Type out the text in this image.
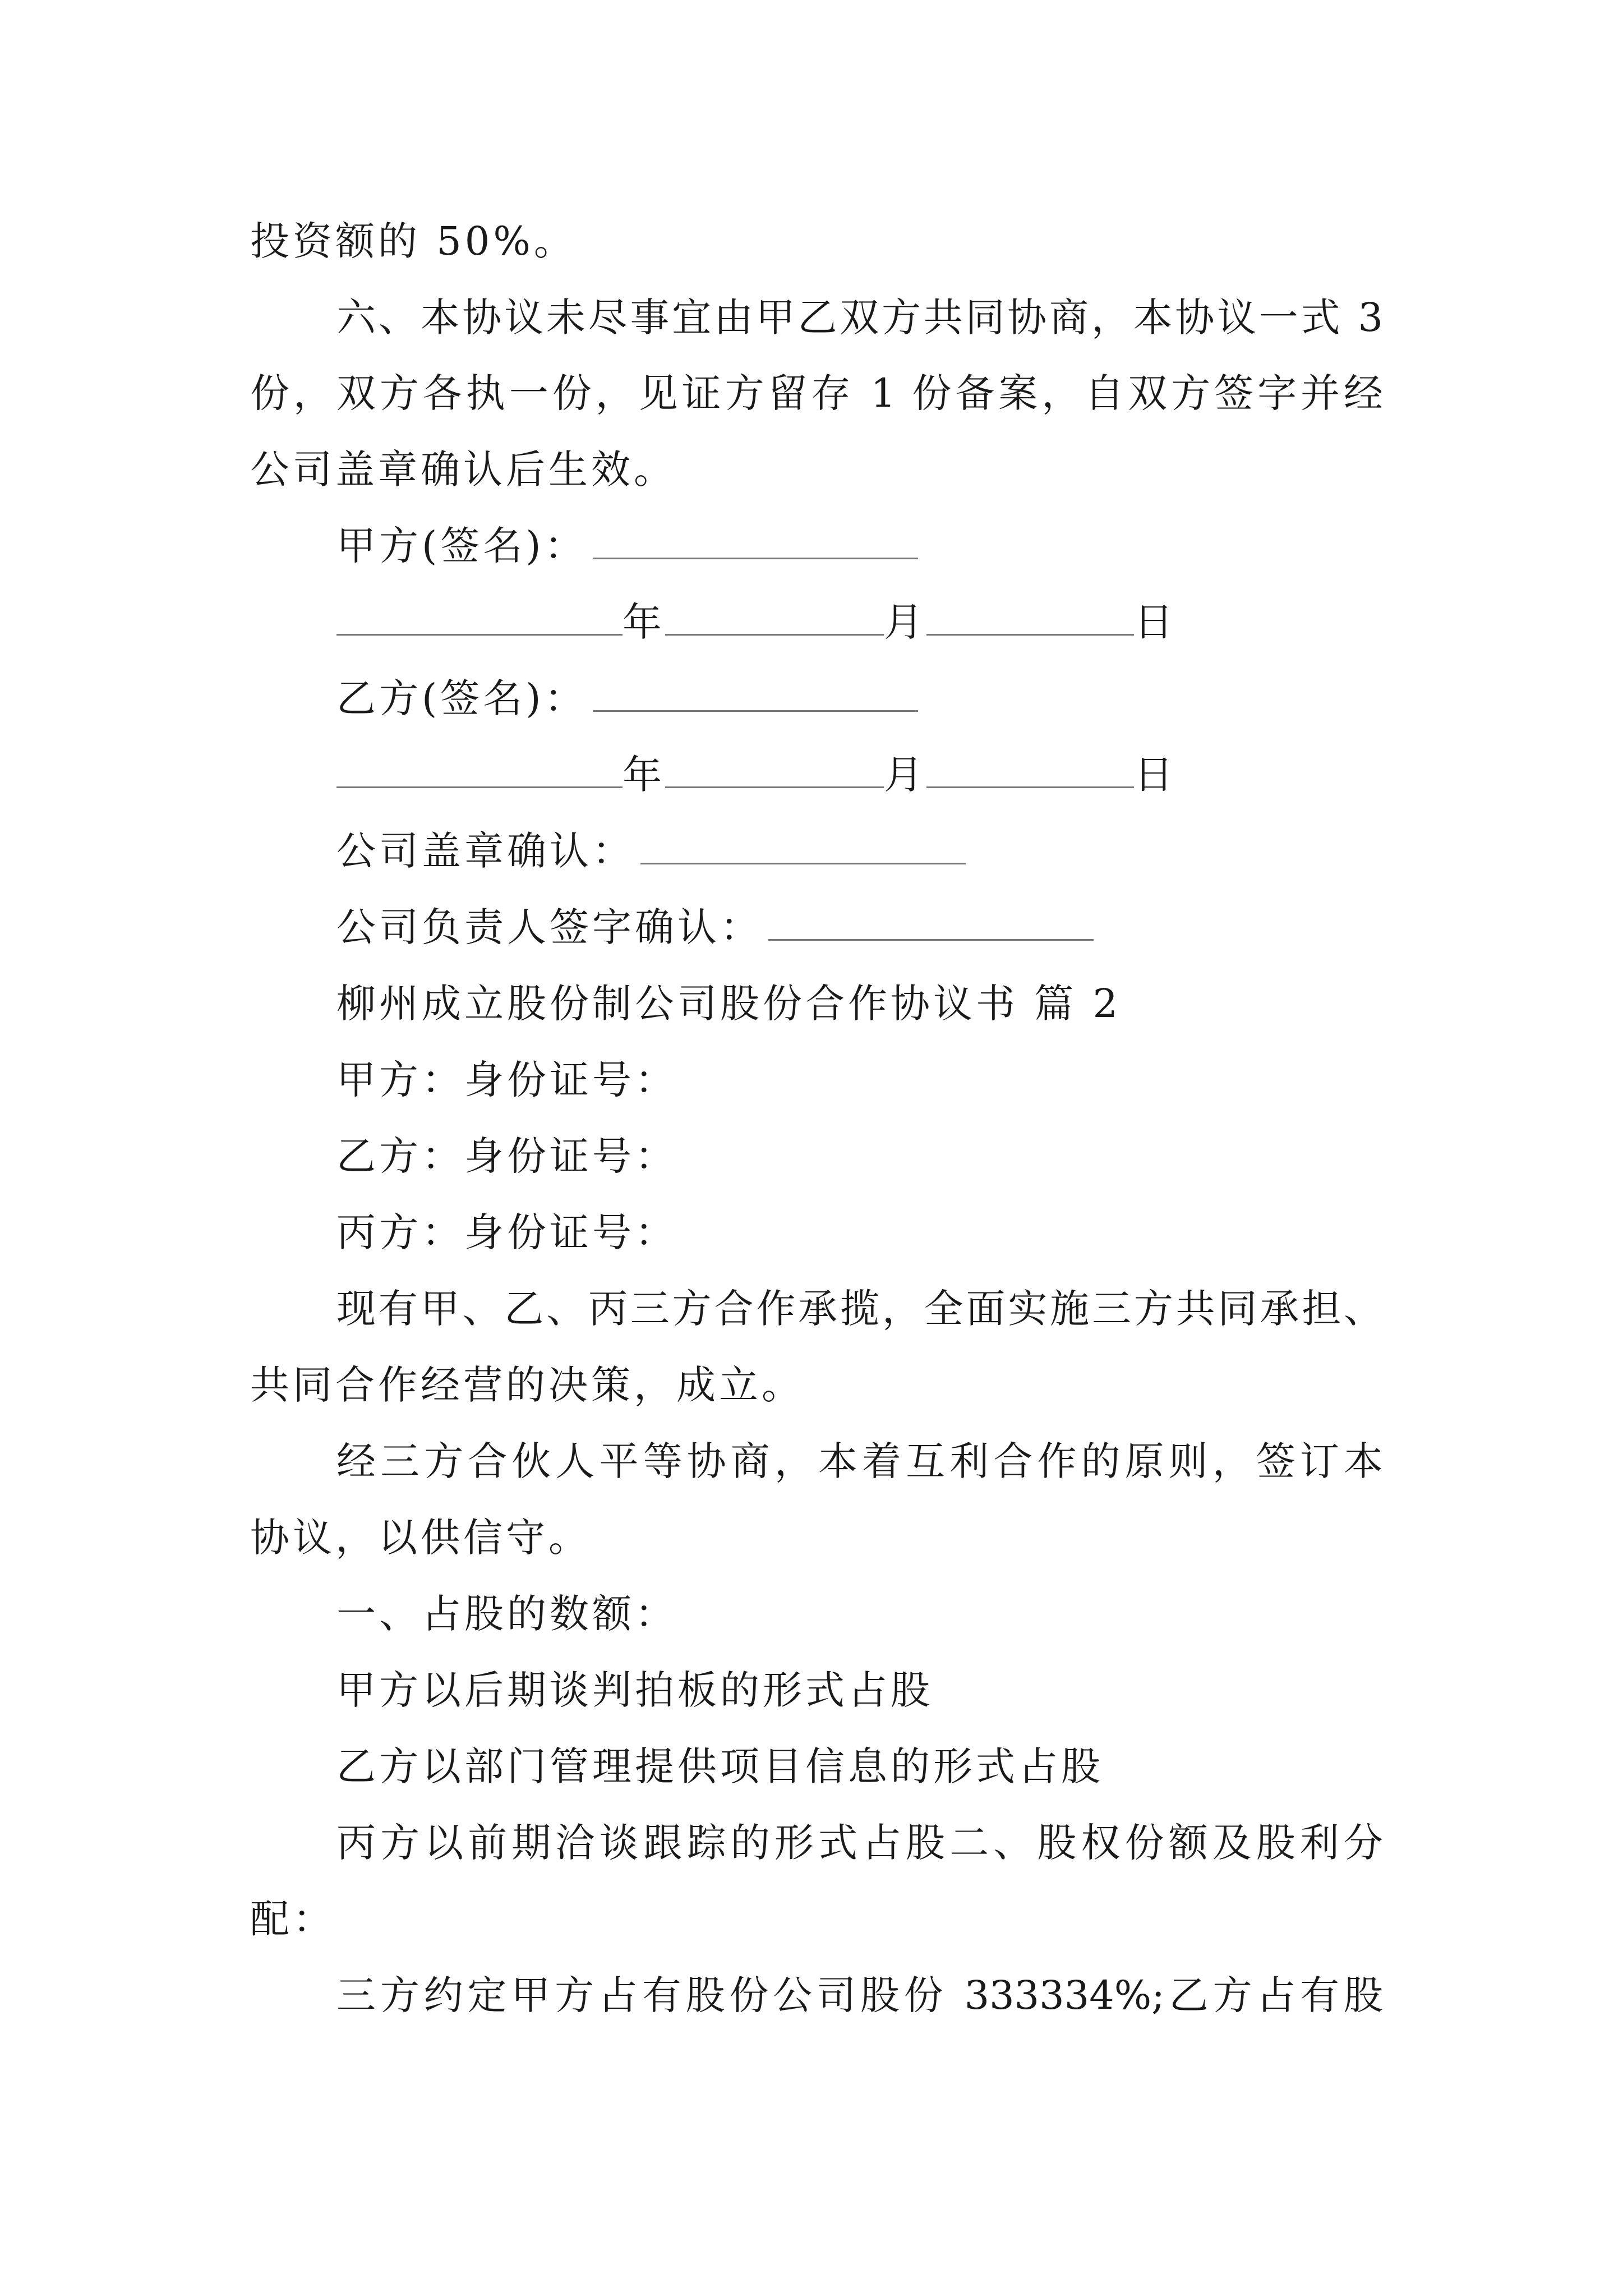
投资额的 50%。
六、本协议未尽事宜由甲乙双方共同协商，本协议一式 3
份，双方各执一份，见证方留存 1 份备案，自双方签字并经
公司盖章确认后生效。
甲方(签名)：
年	月	日
乙方(签名)：
年	月	日
公司盖章确认：
公司负责人签字确认：
柳州成立股份制公司股份合作协议书 篇 2
甲方：身份证号：
乙方：身份证号：
丙方：身份证号：
现有甲、乙、丙三方合作承揽，全面实施三方共同承担、
共同合作经营的决策，成立。
经三方合伙人平等协商，本着互利合作的原则，签订本
协议，以供信守。
一、占股的数额：
甲方以后期谈判拍板的形式占股
乙方以部门管理提供项目信息的形式占股
丙方以前期洽谈跟踪的形式占股二、股权份额及股利分
配：
三方约定甲方占有股份公司股份 333334%;乙方占有股
